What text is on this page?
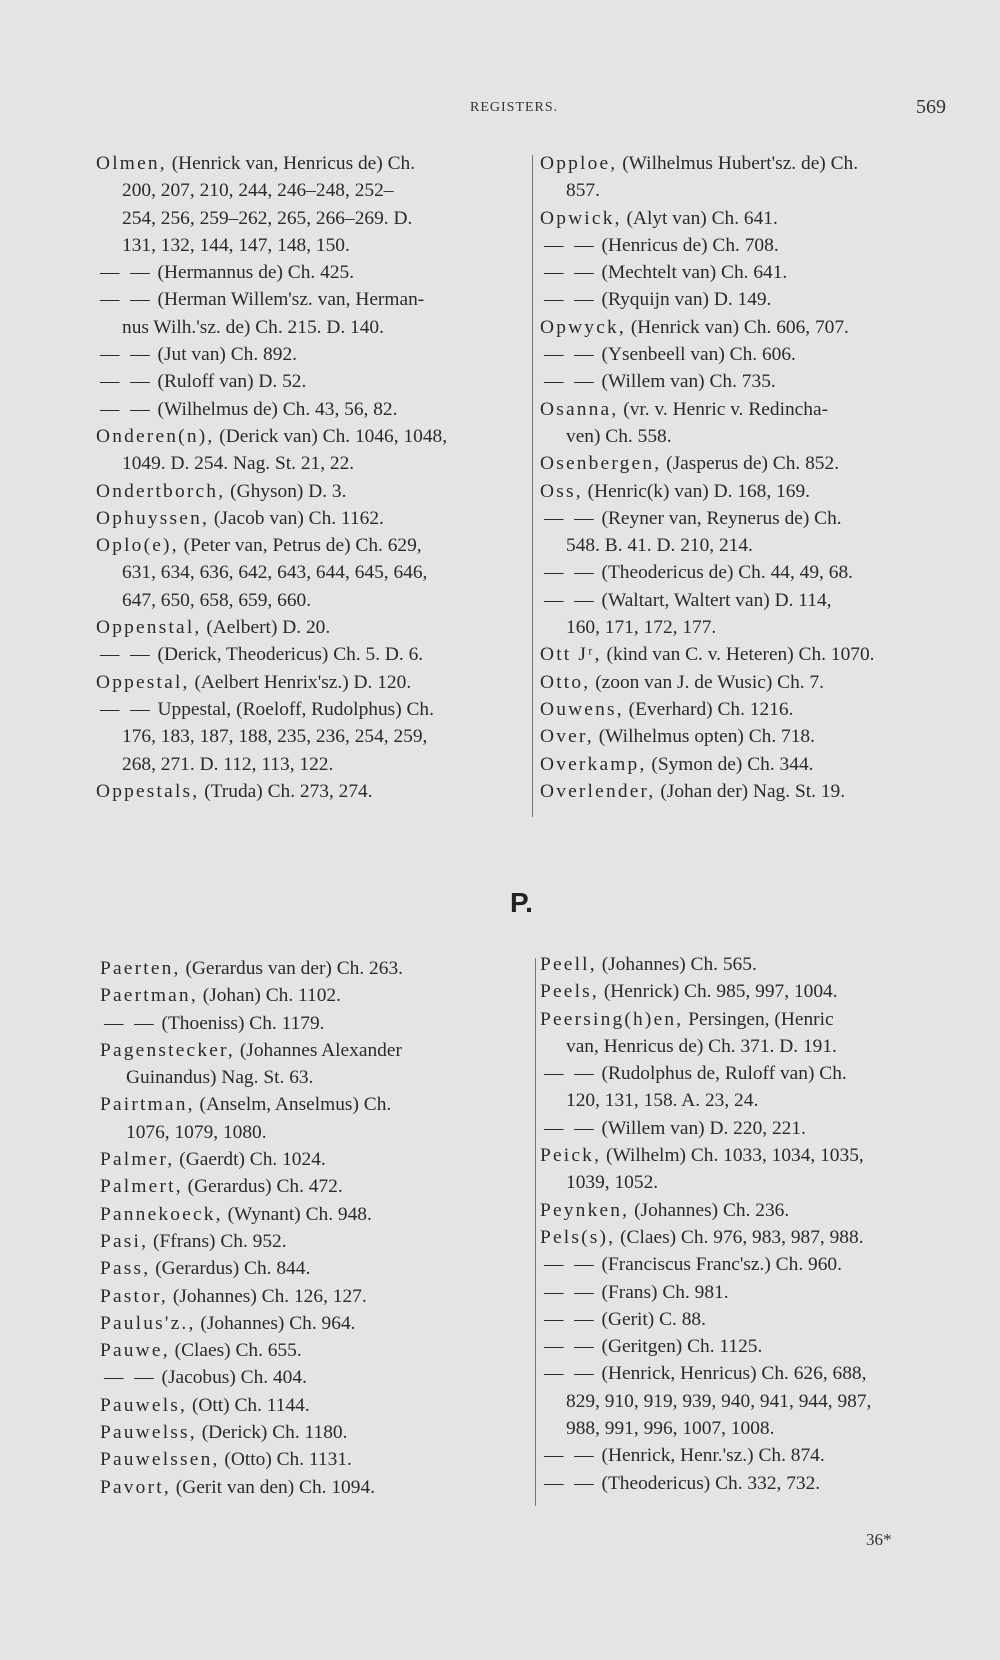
REGISTERS.	569
Olmen, (Henrick van, Henricus de) Ch.
200, 207, 210, 244, 246–248, 252–
254, 256, 259–262, 265, 266–269. D.
131, 132, 144, 147, 148, 150.
— — (Hermannus de) Ch. 425.
— — (Herman Willem'sz. van, Herman-
nus Wilh.'sz. de) Ch. 215. D. 140.
— — (Jut van) Ch. 892.
— — (Ruloff van) D. 52.
— — (Wilhelmus de) Ch. 43, 56, 82.
Onderen(n), (Derick van) Ch. 1046, 1048,
1049. D. 254. Nag. St. 21, 22.
Ondertborch, (Ghyson) D. 3.
Ophuyssen, (Jacob van) Ch. 1162.
Oplo(e), (Peter van, Petrus de) Ch. 629,
631, 634, 636, 642, 643, 644, 645, 646,
647, 650, 658, 659, 660.
Oppenstal, (Aelbert) D. 20.
— — (Derick, Theodericus) Ch. 5. D. 6.
Oppestal, (Aelbert Henrix'sz.) D. 120.
— — Uppestal, (Roeloff, Rudolphus) Ch.
176, 183, 187, 188, 235, 236, 254, 259,
268, 271. D. 112, 113, 122.
Oppestals, (Truda) Ch. 273, 274.
Opploe, (Wilhelmus Hubert'sz. de) Ch.
857.
Opwick, (Alyt van) Ch. 641.
— — (Henricus de) Ch. 708.
— — (Mechtelt van) Ch. 641.
— — (Ryquijn van) D. 149.
Opwyck, (Henrick van) Ch. 606, 707.
— — (Ysenbeell van) Ch. 606.
— — (Willem van) Ch. 735.
Osanna, (vr. v. Henric v. Redincha-
ven) Ch. 558.
Osenbergen, (Jasperus de) Ch. 852.
Oss, (Henric(k) van) D. 168, 169.
— — (Reyner van, Reynerus de) Ch.
548. B. 41. D. 210, 214.
— — (Theodericus de) Ch. 44, 49, 68.
— — (Waltart, Waltert van) D. 114,
160, 171, 172, 177.
Ott Jʳ, (kind van C. v. Heteren) Ch. 1070.
Otto, (zoon van J. de Wusic) Ch. 7.
Ouwens, (Everhard) Ch. 1216.
Over, (Wilhelmus opten) Ch. 718.
Overkamp, (Symon de) Ch. 344.
Overlender, (Johan der) Nag. St. 19.
P.
Paerten, (Gerardus van der) Ch. 263.
Paertman, (Johan) Ch. 1102.
— — (Thoeniss) Ch. 1179.
Pagenstecker, (Johannes Alexander
Guinandus) Nag. St. 63.
Pairtman, (Anselm, Anselmus) Ch.
1076, 1079, 1080.
Palmer, (Gaerdt) Ch. 1024.
Palmert, (Gerardus) Ch. 472.
Pannekoeck, (Wynant) Ch. 948.
Pasi, (Ffrans) Ch. 952.
Pass, (Gerardus) Ch. 844.
Pastor, (Johannes) Ch. 126, 127.
Paulus'z., (Johannes) Ch. 964.
Pauwe, (Claes) Ch. 655.
— — (Jacobus) Ch. 404.
Pauwels, (Ott) Ch. 1144.
Pauwelss, (Derick) Ch. 1180.
Pauwelssen, (Otto) Ch. 1131.
Pavort, (Gerit van den) Ch. 1094.
Peell, (Johannes) Ch. 565.
Peels, (Henrick) Ch. 985, 997, 1004.
Peersing(h)en, Persingen, (Henric
van, Henricus de) Ch. 371. D. 191.
— — (Rudolphus de, Ruloff van) Ch.
120, 131, 158. A. 23, 24.
— — (Willem van) D. 220, 221.
Peick, (Wilhelm) Ch. 1033, 1034, 1035,
1039, 1052.
Peynken, (Johannes) Ch. 236.
Pels(s), (Claes) Ch. 976, 983, 987, 988.
— — (Franciscus Franc'sz.) Ch. 960.
— — (Frans) Ch. 981.
— — (Gerit) C. 88.
— — (Geritgen) Ch. 1125.
— — (Henrick, Henricus) Ch. 626, 688,
829, 910, 919, 939, 940, 941, 944, 987,
988, 991, 996, 1007, 1008.
— — (Henrick, Henr.'sz.) Ch. 874.
— — (Theodericus) Ch. 332, 732.
36*
